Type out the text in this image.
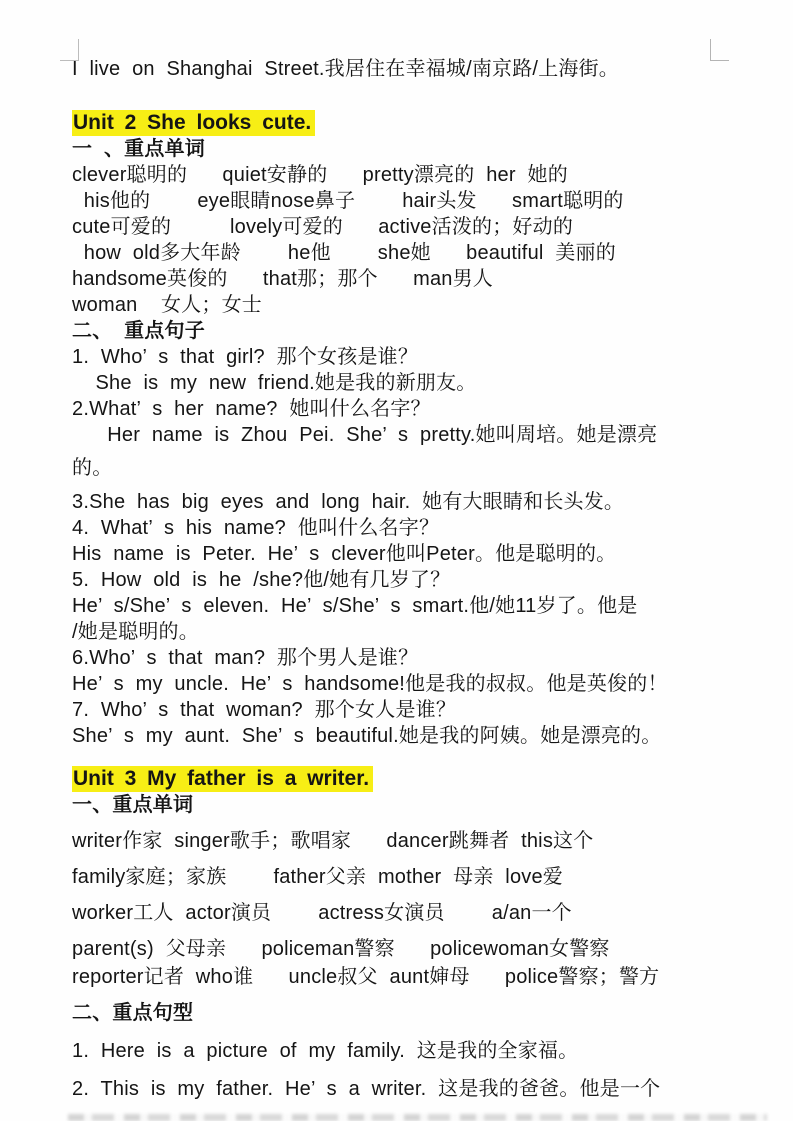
I live on Shanghai Street.我居住在幸福城/南京路/上海街。

Unit 2 She looks cute.

一 、重点单词

clever聪明的   quiet安静的   pretty漂亮的 her 她的

his他的    eye眼睛nose鼻子    hair头发   smart聪明的

cute可爱的     lovely可爱的   active活泼的；好动的

how old多大年龄    he他    she她   beautiful 美丽的

handsome英俊的   that那；那个   man男人

woman  女人；女士

二、 重点句子

1. Who’ s that girl? 那个女孩是谁？

She is my new friend.她是我的新朋友。

2.What’ s her name? 她叫什么名字？

Her name is Zhou Pei. She’ s pretty.她叫周培。她是漂亮

的。

3.She has big eyes and long hair. 她有大眼睛和长头发。

4. What’ s his name? 他叫什么名字？

His name is Peter. He’ s clever他叫Peter。他是聪明的。

5. How old is he /she?他/她有几岁了？

He’ s/She’ s eleven. He’ s/She’ s smart.他/她11岁了。他是

/她是聪明的。

6.Who’ s that man? 那个男人是谁？

He’ s my uncle. He’ s handsome!他是我的叔叔。他是英俊的！

7. Who’ s that woman? 那个女人是谁？

She’ s my aunt. She’ s beautiful.她是我的阿姨。她是漂亮的。

Unit 3 My father is a writer.

一、重点单词

writer作家 singer歌手；歌唱家   dancer跳舞者 this这个

family家庭；家族    father父亲 mother 母亲 love爱

worker工人 actor演员    actress女演员    a/an一个

parent(s) 父母亲   policeman警察   policewoman女警察

reporter记者 who谁   uncle叔父 aunt婶母   police警察；警方

二、重点句型

1. Here is a picture of my family. 这是我的全家福。

2. This is my father. He’ s a writer. 这是我的爸爸。他是一个
